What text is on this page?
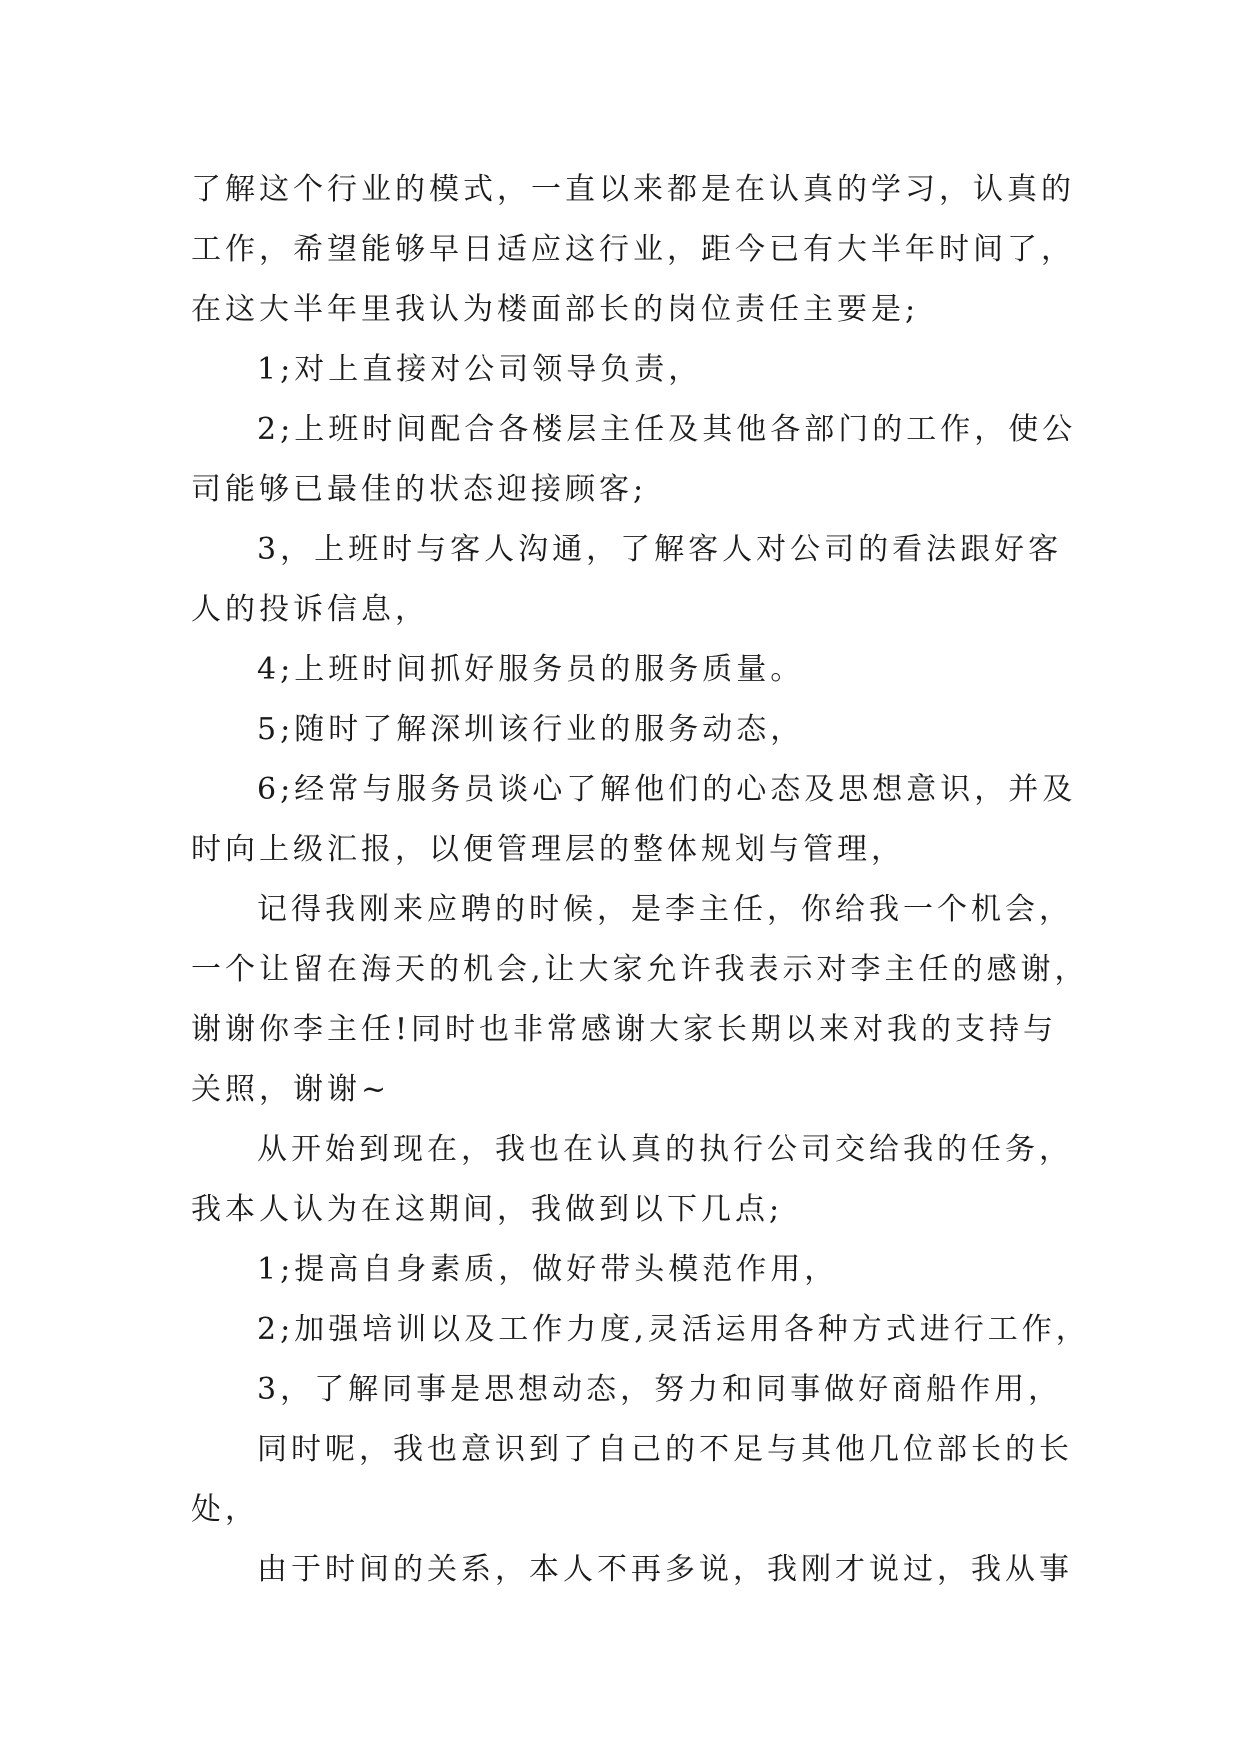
了解这个行业的模式，一直以来都是在认真的学习，认真的
工作，希望能够早日适应这行业，距今已有大半年时间了，
在这大半年里我认为楼面部长的岗位责任主要是;
1;对上直接对公司领导负责，
2;上班时间配合各楼层主任及其他各部门的工作，使公
司能够已最佳的状态迎接顾客;
3，上班时与客人沟通，了解客人对公司的看法跟好客
人的投诉信息，
4;上班时间抓好服务员的服务质量。
5;随时了解深圳该行业的服务动态，
6;经常与服务员谈心了解他们的心态及思想意识，并及
时向上级汇报，以便管理层的整体规划与管理，
记得我刚来应聘的时候，是李主任，你给我一个机会，
一个让留在海天的机会,让大家允许我表示对李主任的感谢，
谢谢你李主任!同时也非常感谢大家长期以来对我的支持与
关照，谢谢~
从开始到现在，我也在认真的执行公司交给我的任务，
我本人认为在这期间，我做到以下几点;
1;提高自身素质，做好带头模范作用，
2;加强培训以及工作力度,灵活运用各种方式进行工作，
3，了解同事是思想动态，努力和同事做好商船作用，
同时呢，我也意识到了自己的不足与其他几位部长的长
处，
由于时间的关系，本人不再多说，我刚才说过，我从事
